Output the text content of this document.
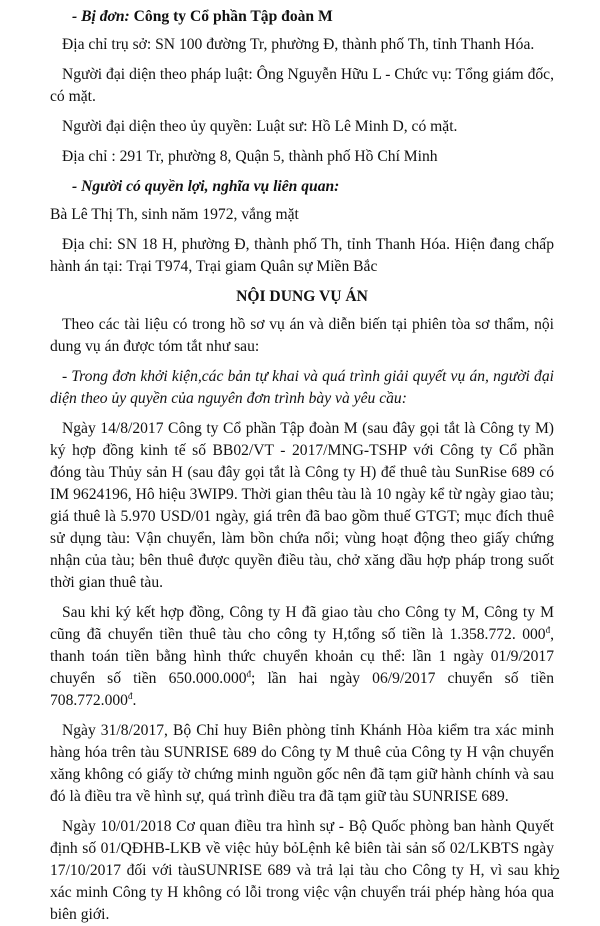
- Bị đơn: Công ty Cổ phần Tập đoàn M

Địa chỉ trụ sở: SN 100 đường Tr, phường Đ, thành phố Th, tỉnh Thanh Hóa.

Người đại diện theo pháp luật: Ông Nguyễn Hữu L - Chức vụ: Tổng giám đốc, có mặt.

Người đại diện theo ủy quyền: Luật sư: Hồ Lê Minh D, có mặt.

Địa chỉ : 291 Tr, phường 8, Quận 5, thành phố Hồ Chí Minh

- Người có quyền lợi, nghĩa vụ liên quan:

Bà Lê Thị Th, sinh năm 1972, vắng mặt

Địa chỉ: SN 18 H, phường Đ, thành phố Th, tỉnh Thanh Hóa. Hiện đang chấp hành án tại: Trại T974, Trại giam Quân sự Miền Bắc

NỘI DUNG VỤ ÁN

Theo các tài liệu có trong hồ sơ vụ án và diễn biến tại phiên tòa sơ thẩm, nội dung vụ án được tóm tắt như sau:

- Trong đơn khởi kiện,các bản tự khai và quá trình giải quyết vụ án, người đại diện theo ủy quyền của nguyên đơn trình bày và yêu cầu:

Ngày 14/8/2017 Công ty Cổ phần Tập đoàn M (sau đây gọi tắt là Công ty M) ký hợp đồng kinh tế số BB02/VT - 2017/MNG-TSHP với Công ty Cổ phần đóng tàu Thủy sản H (sau đây gọi tắt là Công ty H) để thuê tàu SunRise 689 có IM 9624196, Hô hiệu 3WIP9. Thời gian thêu tàu là 10 ngày kể từ ngày giao tàu; giá thuê là 5.970 USD/01 ngày, giá trên đã bao gồm thuế GTGT; mục đích thuê sử dụng tàu: Vận chuyển, làm bồn chứa nổi; vùng hoạt động theo giấy chứng nhận của tàu; bên thuê được quyền điều tàu, chở xăng dầu hợp pháp trong suốt thời gian thuê tàu.

Sau khi ký kết hợp đồng, Công ty H đã giao tàu cho Công ty M, Công ty M cũng đã chuyển tiền thuê tàu cho công ty H,tổng số tiền là 1.358.772. $000^đ$, thanh toán tiền bằng hình thức chuyển khoản cụ thể: lần 1 ngày 01/9/2017 chuyển số tiền $650.000.000^đ$; lần hai ngày 06/9/2017 chuyển số tiền $708.772.000^đ$.

Ngày 31/8/2017, Bộ Chỉ huy Biên phòng tỉnh Khánh Hòa kiểm tra xác minh hàng hóa trên tàu SUNRISE 689 do Công ty M thuê của Công ty H vận chuyển xăng không có giấy tờ chứng minh nguồn gốc nên đã tạm giữ hành chính và sau đó là điều tra về hình sự, quá trình điều tra đã tạm giữ tàu SUNRISE 689.

Ngày 10/01/2018 Cơ quan điều tra hình sự - Bộ Quốc phòng ban hành Quyết định số 01/QĐHB-LKB về việc hủy bỏLệnh kê biên tài sản số 02/LKBTS ngày 17/10/2017 đối với tàuSUNRISE 689 và trả lại tàu cho Công ty H, vì sau khi xác minh Công ty H không có lỗi trong việc vận chuyển trái phép hàng hóa qua biên giới.

2
